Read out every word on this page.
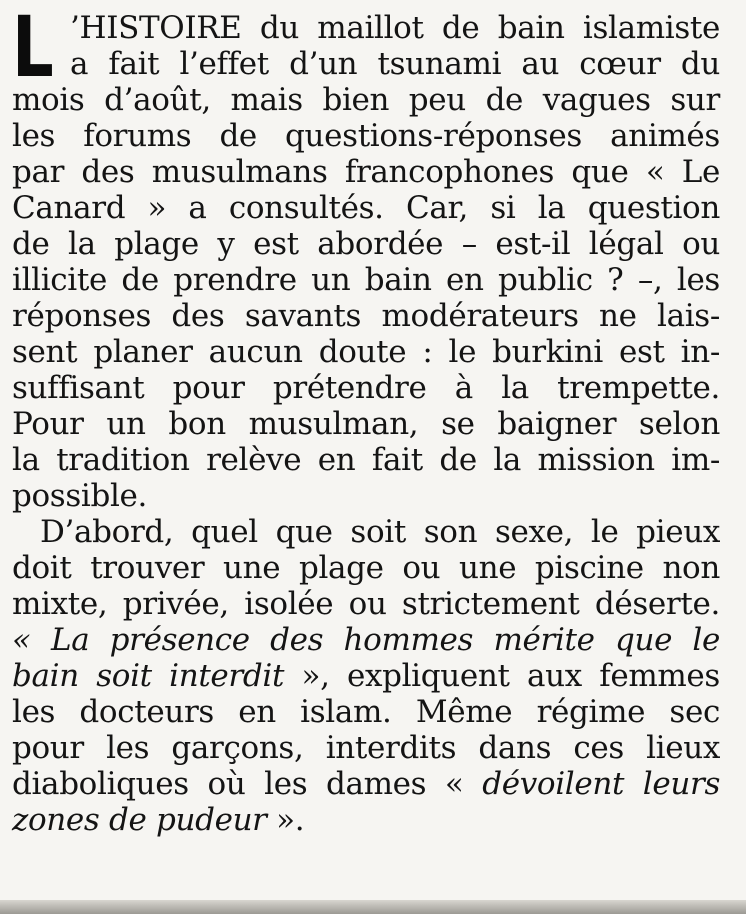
L ’HISTOIRE du maillot de bain islamiste
a fait l’effet d’un tsunami au cœur du
mois d’août, mais bien peu de vagues sur
les forums de questions-réponses animés
par des musulmans francophones que « Le
Canard » a consultés. Car, si la question
de la plage y est abordée – est-il légal ou
illicite de prendre un bain en public ? –, les
réponses des savants modérateurs ne lais-
sent planer aucun doute : le burkini est in-
suffisant pour prétendre à la trempette.
Pour un bon musulman, se baigner selon
la tradition relève en fait de la mission im-
possible.
D’abord, quel que soit son sexe, le pieux
doit trouver une plage ou une piscine non
mixte, privée, isolée ou strictement déserte.
« La présence des hommes mérite que le
bain soit interdit », expliquent aux femmes
les docteurs en islam. Même régime sec
pour les garçons, interdits dans ces lieux
diaboliques où les dames « dévoilent leurs
zones de pudeur ».
